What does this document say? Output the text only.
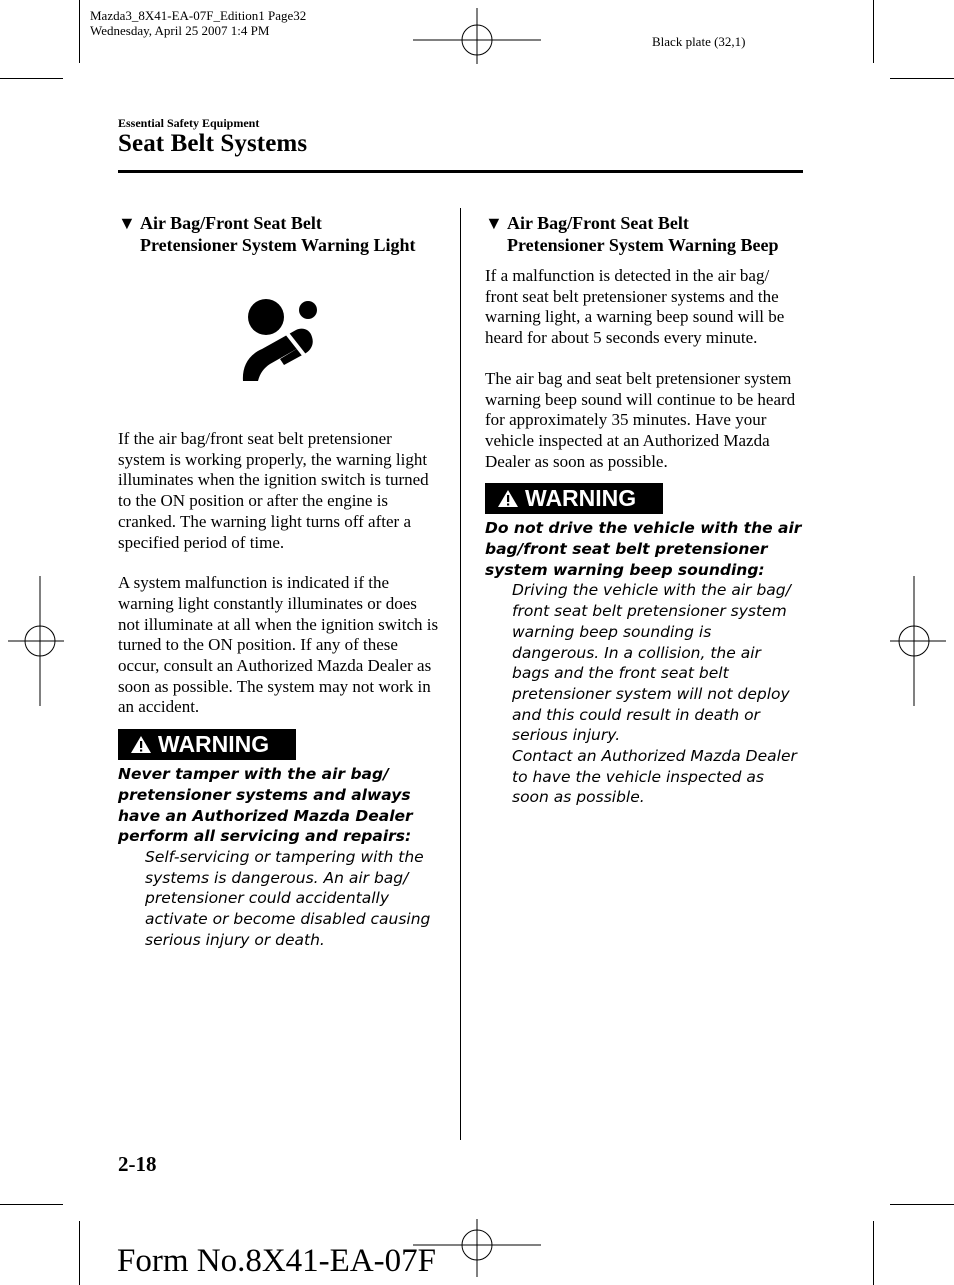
Mazda3_8X41-EA-07F_Edition1 Page32
Wednesday, April 25 2007 1:4 PM
Black plate (32,1)
Essential Safety Equipment
Seat Belt Systems
▼ Air Bag/Front Seat Belt
Pretensioner System Warning Light
If the air bag/front seat belt pretensioner system is working properly, the warning light illuminates when the ignition switch is turned to the ON position or after the engine is cranked. The warning light turns off after a specified period of time.
A system malfunction is indicated if the warning light constantly illuminates or does not illuminate at all when the ignition switch is turned to the ON position. If any of these occur, consult an Authorized Mazda Dealer as soon as possible. The system may not work in an accident.
WARNING
Never tamper with the air bag/ pretensioner systems and always have an Authorized Mazda Dealer perform all servicing and repairs:
Self-servicing or tampering with the systems is dangerous. An air bag/ pretensioner could accidentally activate or become disabled causing serious injury or death.
▼ Air Bag/Front Seat Belt
Pretensioner System Warning Beep
If a malfunction is detected in the air bag/ front seat belt pretensioner systems and the warning light, a warning beep sound will be heard for about 5 seconds every minute.
The air bag and seat belt pretensioner system warning beep sound will continue to be heard for approximately 35 minutes. Have your vehicle inspected at an Authorized Mazda Dealer as soon as possible.
WARNING
Do not drive the vehicle with the air bag/front seat belt pretensioner system warning beep sounding:
Driving the vehicle with the air bag/ front seat belt pretensioner system warning beep sounding is dangerous. In a collision, the air bags and the front seat belt pretensioner system will not deploy and this could result in death or serious injury.
Contact an Authorized Mazda Dealer to have the vehicle inspected as soon as possible.
2-18
Form No.8X41-EA-07F
